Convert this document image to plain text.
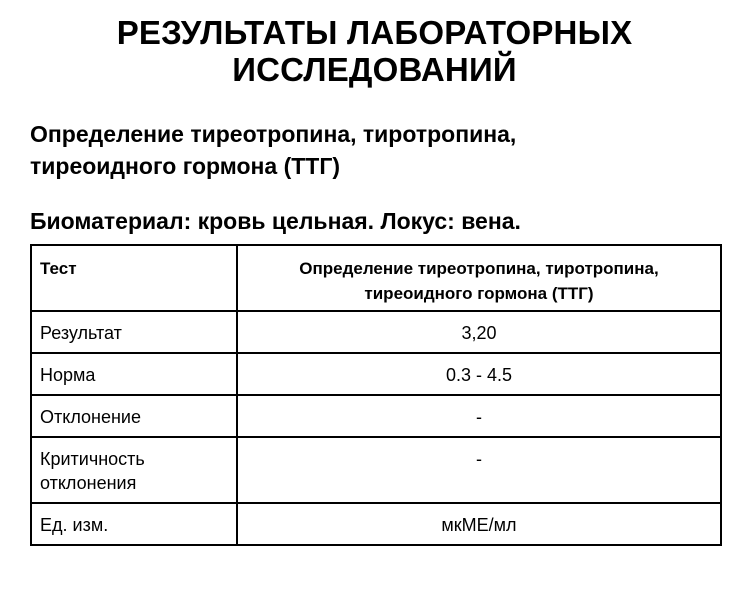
РЕЗУЛЬТАТЫ ЛАБОРАТОРНЫХ
ИССЛЕДОВАНИЙ
Определение тиреотропина, тиротропина,
тиреоидного гормона (ТТГ)

Биоматериал: кровь цельная. Локус: вена.

Тест	Определение тиреотропина, тиротропина,
тиреоидного гормона (ТТГ)

Результат	3,20

Норма	0.3 - 4.5

Отклонение	-

Критичность
отклонения	-

Ед. изм.	мкМЕ/мл
